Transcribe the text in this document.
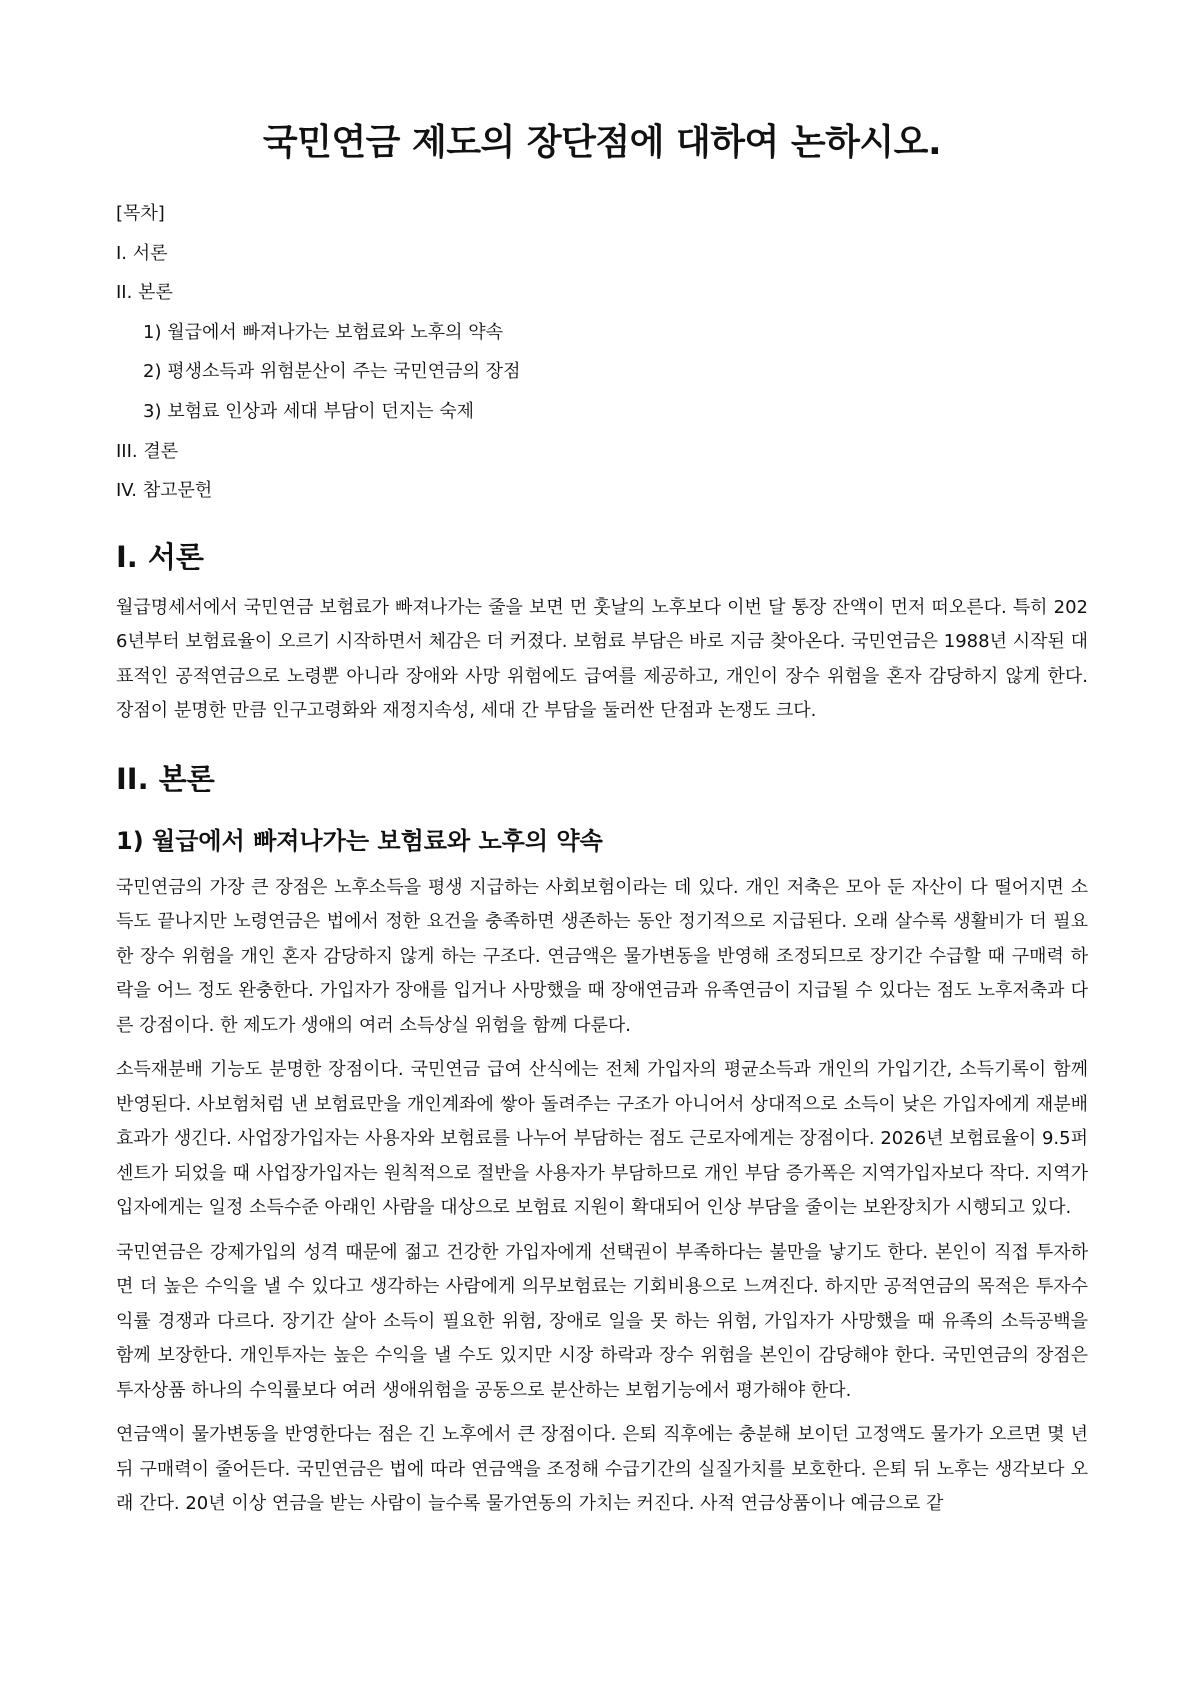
국민연금 제도의 장단점에 대하여 논하시오.
[목차]
I. 서론
II. 본론
1) 월급에서 빠져나가는 보험료와 노후의 약속
2) 평생소득과 위험분산이 주는 국민연금의 장점
3) 보험료 인상과 세대 부담이 던지는 숙제
III. 결론
IV. 참고문헌
I. 서론

월급명세서에서 국민연금 보험료가 빠져나가는 줄을 보면 먼 훗날의 노후보다 이번 달 통장 잔액이 먼저 떠오른다. 특히 2026년부터 보험료율이 오르기 시작하면서 체감은 더 커졌다. 보험료 부담은 바로 지금 찾아온다. 국민연금은 1988년 시작된 대표적인 공적연금으로 노령뿐 아니라 장애와 사망 위험에도 급여를 제공하고, 개인이 장수 위험을 혼자 감당하지 않게 한다. 장점이 분명한 만큼 인구고령화와 재정지속성, 세대 간 부담을 둘러싼 단점과 논쟁도 크다.

II. 본론
1) 월급에서 빠져나가는 보험료와 노후의 약속

국민연금의 가장 큰 장점은 노후소득을 평생 지급하는 사회보험이라는 데 있다. 개인 저축은 모아 둔 자산이 다 떨어지면 소득도 끝나지만 노령연금은 법에서 정한 요건을 충족하면 생존하는 동안 정기적으로 지급된다. 오래 살수록 생활비가 더 필요한 장수 위험을 개인 혼자 감당하지 않게 하는 구조다. 연금액은 물가변동을 반영해 조정되므로 장기간 수급할 때 구매력 하락을 어느 정도 완충한다. 가입자가 장애를 입거나 사망했을 때 장애연금과 유족연금이 지급될 수 있다는 점도 노후저축과 다른 강점이다. 한 제도가 생애의 여러 소득상실 위험을 함께 다룬다.

소득재분배 기능도 분명한 장점이다. 국민연금 급여 산식에는 전체 가입자의 평균소득과 개인의 가입기간, 소득기록이 함께 반영된다. 사보험처럼 낸 보험료만을 개인계좌에 쌓아 돌려주는 구조가 아니어서 상대적으로 소득이 낮은 가입자에게 재분배 효과가 생긴다. 사업장가입자는 사용자와 보험료를 나누어 부담하는 점도 근로자에게는 장점이다. 2026년 보험료율이 9.5퍼센트가 되었을 때 사업장가입자는 원칙적으로 절반을 사용자가 부담하므로 개인 부담 증가폭은 지역가입자보다 작다. 지역가입자에게는 일정 소득수준 아래인 사람을 대상으로 보험료 지원이 확대되어 인상 부담을 줄이는 보완장치가 시행되고 있다.

국민연금은 강제가입의 성격 때문에 젊고 건강한 가입자에게 선택권이 부족하다는 불만을 낳기도 한다. 본인이 직접 투자하면 더 높은 수익을 낼 수 있다고 생각하는 사람에게 의무보험료는 기회비용으로 느껴진다. 하지만 공적연금의 목적은 투자수익률 경쟁과 다르다. 장기간 살아 소득이 필요한 위험, 장애로 일을 못 하는 위험, 가입자가 사망했을 때 유족의 소득공백을 함께 보장한다. 개인투자는 높은 수익을 낼 수도 있지만 시장 하락과 장수 위험을 본인이 감당해야 한다. 국민연금의 장점은 투자상품 하나의 수익률보다 여러 생애위험을 공동으로 분산하는 보험기능에서 평가해야 한다.

연금액이 물가변동을 반영한다는 점은 긴 노후에서 큰 장점이다. 은퇴 직후에는 충분해 보이던 고정액도 물가가 오르면 몇 년 뒤 구매력이 줄어든다. 국민연금은 법에 따라 연금액을 조정해 수급기간의 실질가치를 보호한다. 은퇴 뒤 노후는 생각보다 오래 간다. 20년 이상 연금을 받는 사람이 늘수록 물가연동의 가치는 커진다. 사적 연금상품이나 예금으로 같
